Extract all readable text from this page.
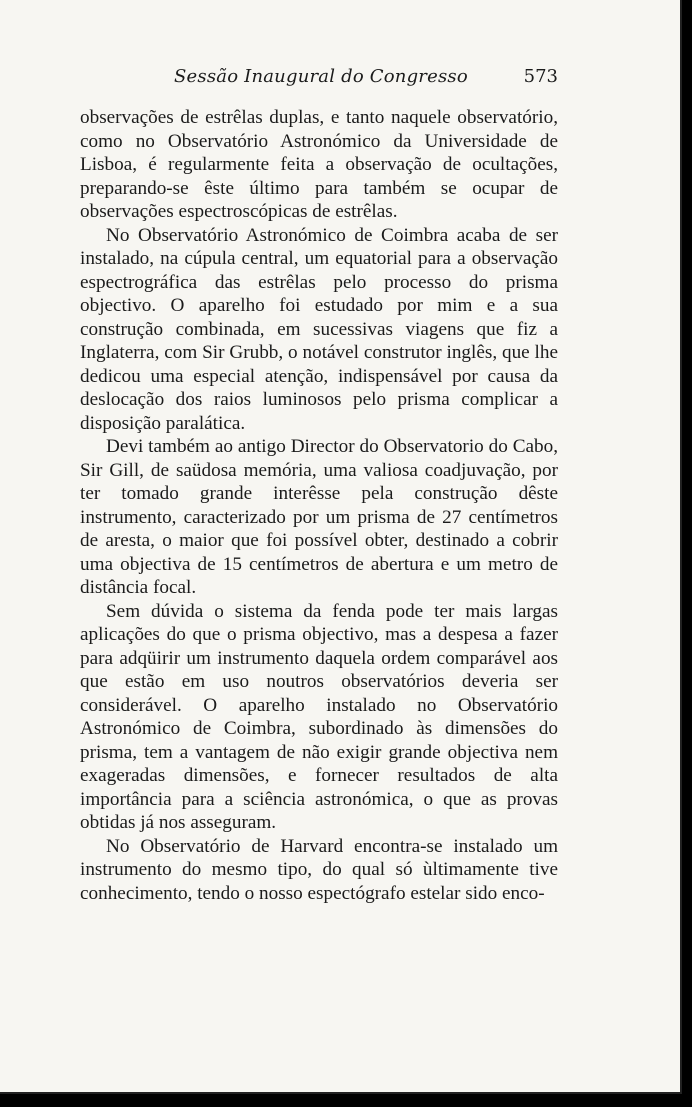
Sessão Inaugural do Congresso	573

observações de estrêlas duplas, e tanto naquele observatório, como no Observatório Astronómico da Universidade de Lisboa, é regularmente feita a observação de ocultações, preparando-se êste último para também se ocupar de observações espectroscópicas de estrêlas.

No Observatório Astronómico de Coimbra acaba de ser instalado, na cúpula central, um equatorial para a observação espectrográfica das estrêlas pelo processo do prisma objectivo. O aparelho foi estudado por mim e a sua construção combinada, em sucessivas viagens que fiz a Inglaterra, com Sir Grubb, o notável construtor inglês, que lhe dedicou uma especial atenção, indispensável por causa da deslocação dos raios luminosos pelo prisma complicar a disposição paralática.

Devi também ao antigo Director do Observatorio do Cabo, Sir Gill, de saüdosa memória, uma valiosa coadjuvação, por ter tomado grande interêsse pela construção dêste instrumento, caracterizado por um prisma de 27 centímetros de aresta, o maior que foi possível obter, destinado a cobrir uma objectiva de 15 centímetros de abertura e um metro de distância focal.

Sem dúvida o sistema da fenda pode ter mais largas aplicações do que o prisma objectivo, mas a despesa a fazer para adqüirir um instrumento daquela ordem comparável aos que estão em uso noutros observatórios deveria ser considerável. O aparelho instalado no Observatório Astronómico de Coimbra, subordinado às dimensões do prisma, tem a vantagem de não exigir grande objectiva nem exageradas dimensões, e fornecer resultados de alta importância para a sciência astronómica, o que as provas obtidas já nos asseguram.

No Observatório de Harvard encontra-se instalado um instrumento do mesmo tipo, do qual só ùltimamente tive conhecimento, tendo o nosso espectógrafo estelar sido enco-
